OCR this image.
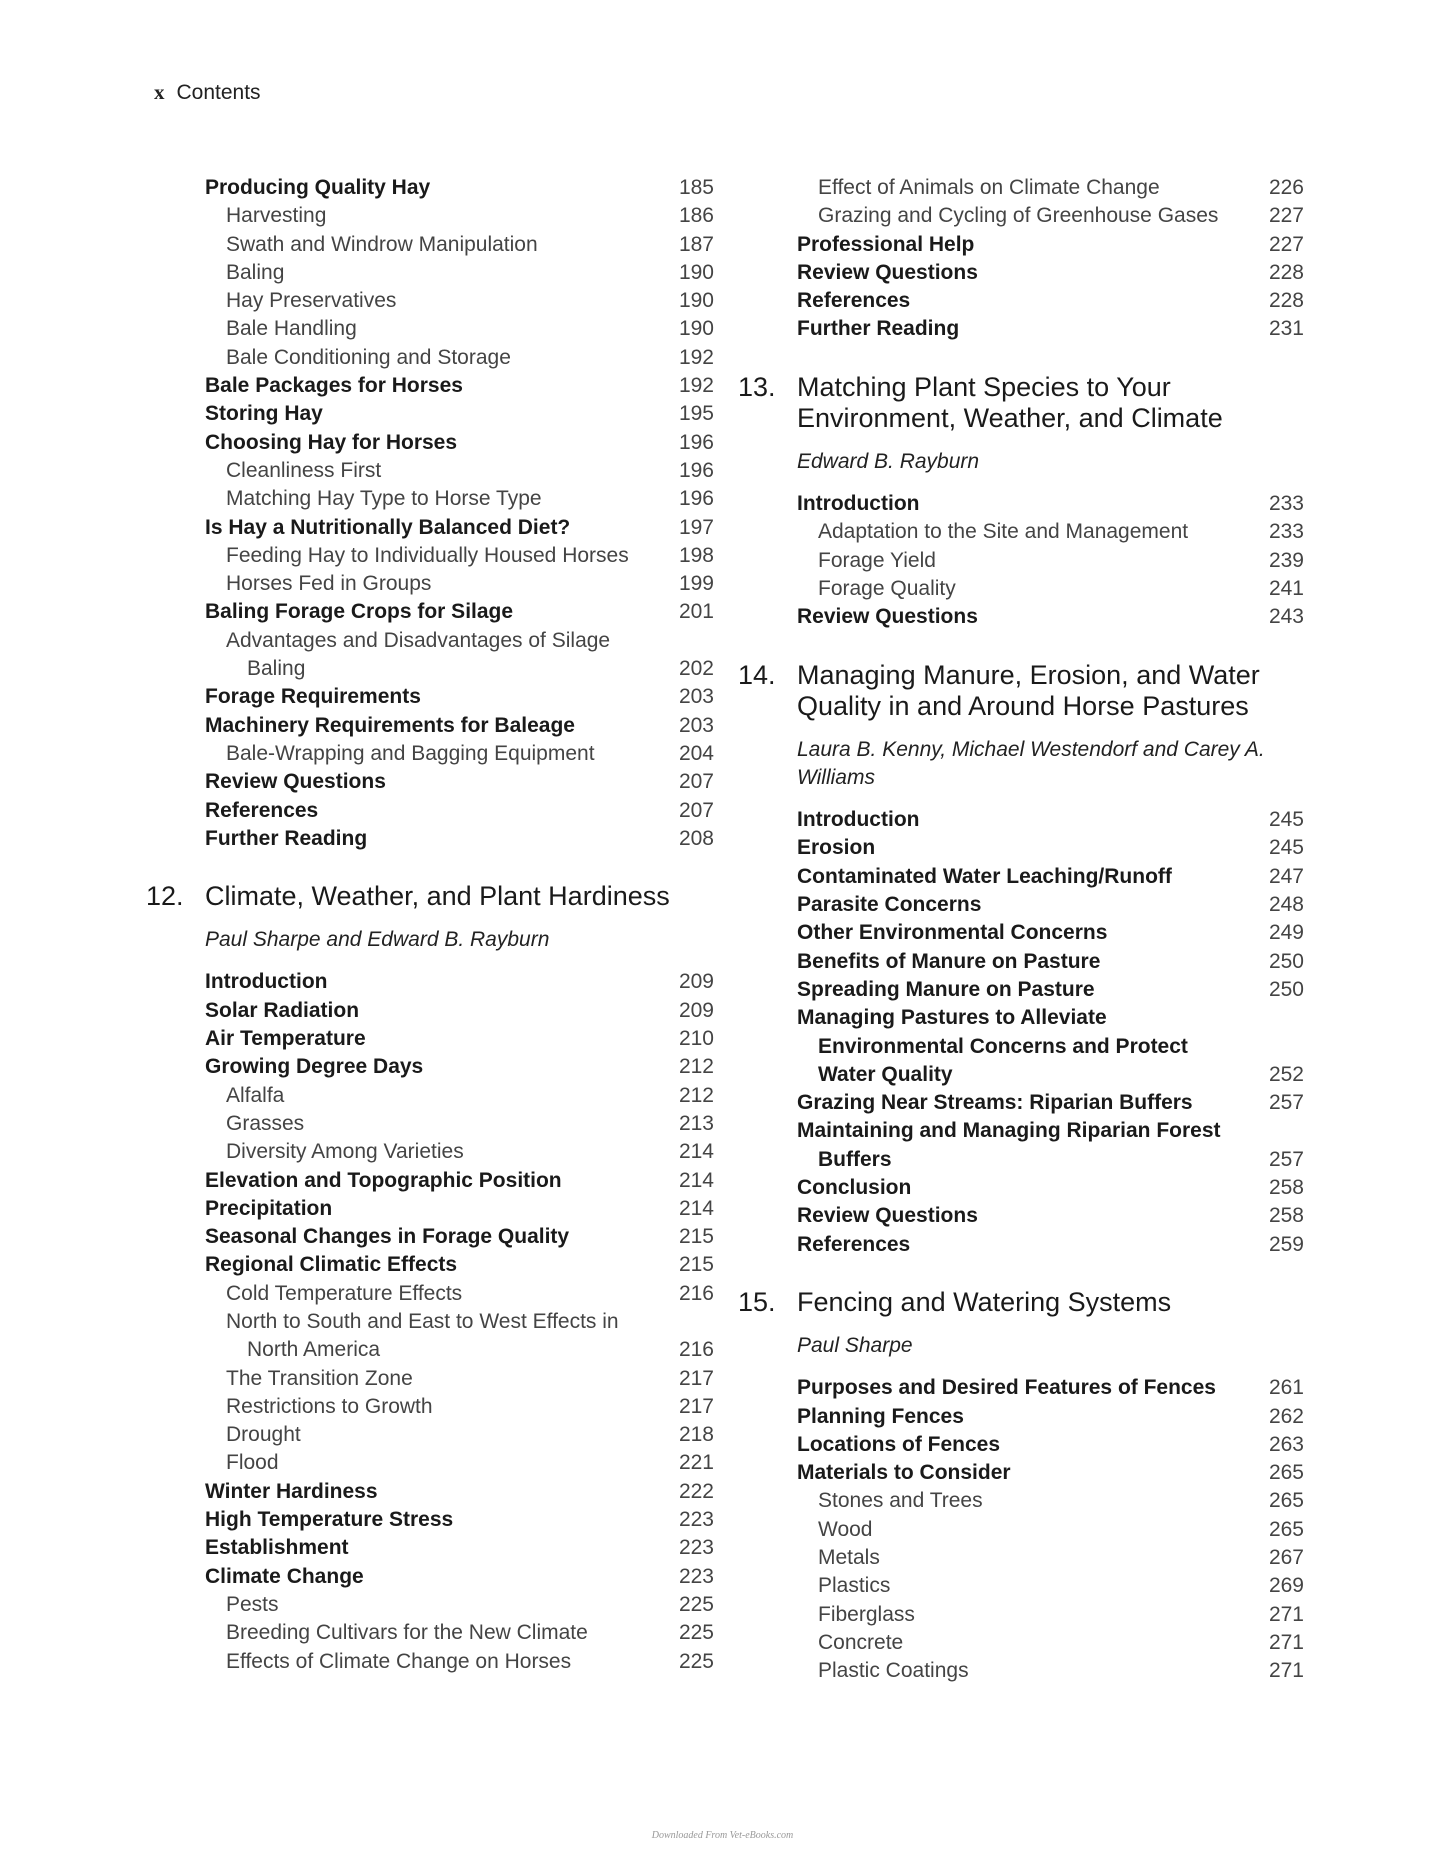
x Contents
Producing Quality Hay	185
Harvesting	186
Swath and Windrow Manipulation	187
Baling	190
Hay Preservatives	190
Bale Handling	190
Bale Conditioning and Storage	192
Bale Packages for Horses	192
Storing Hay	195
Choosing Hay for Horses	196
Cleanliness First	196
Matching Hay Type to Horse Type	196
Is Hay a Nutritionally Balanced Diet?	197
Feeding Hay to Individually Housed Horses 198
Horses Fed in Groups	199
Baling Forage Crops for Silage	201
Advantages and Disadvantages of Silage
Baling	202
Forage Requirements	203
Machinery Requirements for Baleage	203
Bale-Wrapping and Bagging Equipment	204
Review Questions	207
References	207
Further Reading	208
12. Climate, Weather, and Plant Hardiness
Paul Sharpe and Edward B. Rayburn
Introduction	209
Solar Radiation	209
Air Temperature	210
Growing Degree Days	212
Alfalfa	212
Grasses	213
Diversity Among Varieties	214
Elevation and Topographic Position	214
Precipitation	214
Seasonal Changes in Forage Quality	215
Regional Climatic Effects	215
Cold Temperature Effects	216
North to South and East to West Effects in
North America	216
The Transition Zone	217
Restrictions to Growth	217
Drought	218
Flood	221
Winter Hardiness	222
High Temperature Stress	223
Establishment	223
Climate Change	223
Pests	225
Breeding Cultivars for the New Climate	225
Effects of Climate Change on Horses	225
Effect of Animals on Climate Change	226
Grazing and Cycling of Greenhouse Gases 227
Professional Help	227
Review Questions	228
References	228
Further Reading	231
13. Matching Plant Species to Your Environment, Weather, and Climate
Edward B. Rayburn
Introduction	233
Adaptation to the Site and Management	233
Forage Yield	239
Forage Quality	241
Review Questions	243
14. Managing Manure, Erosion, and Water Quality in and Around Horse Pastures
Laura B. Kenny, Michael Westendorf and Carey A. Williams
Introduction	245
Erosion	245
Contaminated Water Leaching/Runoff	247
Parasite Concerns	248
Other Environmental Concerns	249
Benefits of Manure on Pasture	250
Spreading Manure on Pasture	250
Managing Pastures to Alleviate
Environmental Concerns and Protect
Water Quality	252
Grazing Near Streams: Riparian Buffers	257
Maintaining and Managing Riparian Forest
Buffers	257
Conclusion	258
Review Questions	258
References	259
15. Fencing and Watering Systems
Paul Sharpe
Purposes and Desired Features of Fences	261
Planning Fences	262
Locations of Fences	263
Materials to Consider	265
Stones and Trees	265
Wood	265
Metals	267
Plastics	269
Fiberglass	271
Concrete	271
Plastic Coatings	271
Downloaded From Vet-eBooks.com
